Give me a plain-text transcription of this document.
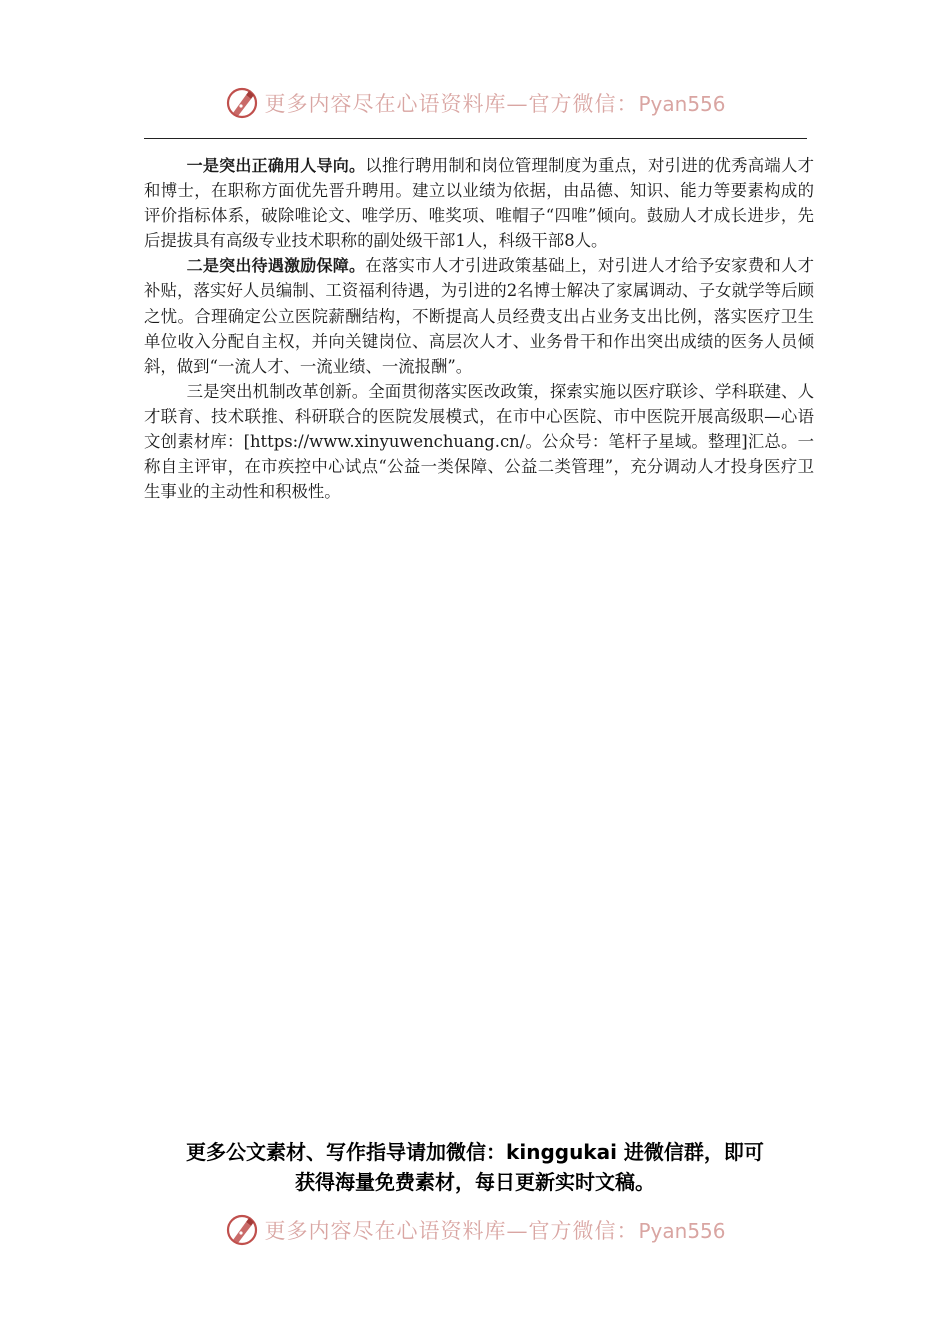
更多内容尽在心语资料库—官方微信：Pyan556

一是突出正确用人导向。以推行聘用制和岗位管理制度为重点，对引进的优秀高端人才和博士，在职称方面优先晋升聘用。建立以业绩为依据，由品德、知识、能力等要素构成的评价指标体系，破除唯论文、唯学历、唯奖项、唯帽子“四唯”倾向。鼓励人才成长进步，先后提拔具有高级专业技术职称的副处级干部1人，科级干部8人。

二是突出待遇激励保障。在落实市人才引进政策基础上，对引进人才给予安家费和人才补贴，落实好人员编制、工资福利待遇，为引进的2名博士解决了家属调动、子女就学等后顾之忧。合理确定公立医院薪酬结构，不断提高人员经费支出占业务支出比例，落实医疗卫生单位收入分配自主权，并向关键岗位、高层次人才、业务骨干和作出突出成绩的医务人员倾斜，做到“一流人才、一流业绩、一流报酬”。

三是突出机制改革创新。全面贯彻落实医改政策，探索实施以医疗联诊、学科联建、人才联育、技术联推、科研联合的医院发展模式，在市中心医院、市中医院开展高级职—心语文创素材库：[https://www.xinyuwenchuang.cn/。公众号：笔杆子星域。整理]汇总。一称自主评审，在市疾控中心试点“公益一类保障、公益二类管理”，充分调动人才投身医疗卫生事业的主动性和积极性。

更多公文素材、写作指导请加微信：kinggukai 进微信群，即可
获得海量免费素材，每日更新实时文稿。
更多内容尽在心语资料库—官方微信：Pyan556
